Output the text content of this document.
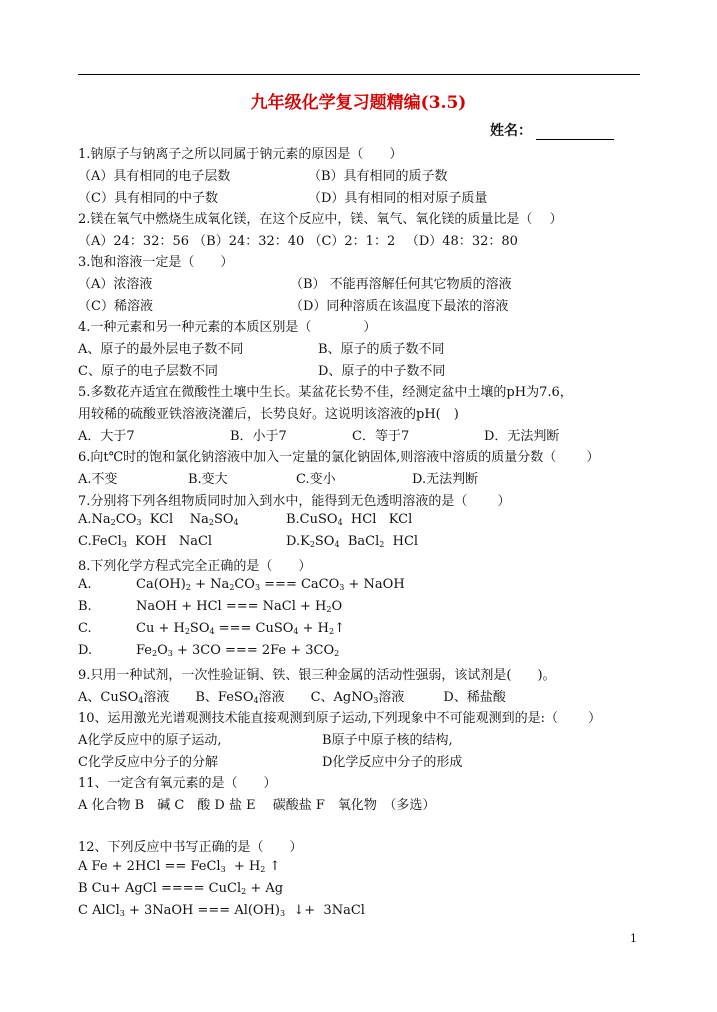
九年级化学复习题精编(3.5)
姓名：
1.钠原子与钠离子之所以同属于钠元素的原因是（　　）
（A）具有相同的电子层数	（B）具有相同的质子数
（C）具有相同的中子数	（D）具有相同的相对原子质量
2.镁在氧气中燃烧生成氧化镁，在这个反应中，镁、氧气、氧化镁的质量比是（　 ）
（A）24：32：56 （B）24：32：40 （C）2：1：2 　（D）48：32：80
3.饱和溶液一定是（　　）
（A）浓溶液	（B） 不能再溶解任何其它物质的溶液
（C）稀溶液	（D）同种溶质在该温度下最浓的溶液
4.一种元素和另一种元素的本质区别是（　　　　）
A、原子的最外层电子数不同	B、原子的质子数不同
C、原子的电子层数不同	D、原子的中子数不同
5.多数花卉适宜在微酸性土壤中生长。某盆花长势不佳，经测定盆中土壤的pH为7.6，
用较稀的硫酸亚铁溶液浇灌后，长势良好。这说明该溶液的pH(　)
A．大于7	B．小于7	C．等于7	D．无法判断
6.向t℃时的饱和氯化钠溶液中加入一定量的氯化钠固体,则溶液中溶质的质量分数（　　 ）
A.不变	B.变大	C.变小	D.无法判断
7.分别将下列各组物质同时加入到水中，能得到无色透明溶液的是（　　 ）
$A.Na_2CO_3$  KCl    $Na_2SO_4$	B.CuSO$_4$  HCl   KCl
C.FeCl$_3$  KOH   NaCl	$D.K_2SO_4$  BaCl$_2$  HCl
8.下列化学方程式完全正确的是（　　）
A.	$Ca(OH)_2 + Na_2CO_3$ === CaCO$_3$ + NaOH
B.	NaOH + HCl === NaCl + $H_2O$
C.	$Cu + H_2SO_4$ === CuSO$_4$ + $H_2↑$
D.	$Fe_2O_3 + 3CO$ === $2Fe + 3CO_2$
9.只用一种试剂，一次性验证铜、铁、银三种金属的活动性强弱，该试剂是(　　)。
A、CuSO$_4$溶液　　B、FeSO$_4$溶液　　C、AgNO$_3$溶液　　　D、稀盐酸
10、运用激光光谱观测技术能直接观测到原子运动,下列现象中不可能观测到的是:（　　 ）
A化学反应中的原子运动,	B原子中原子核的结构,
C化学反应中分子的分解	D化学反应中分子的形成
11、一定含有氧元素的是（　　）
A 化合物 B　碱 C　酸 D 盐 E　 碳酸盐 F　氧化物　（多选）
12、下列反应中书写正确的是（　　）
A Fe + 2HCl == FeCl$_3$  + $H_2$ ↑
B Cu+ AgCl ==== CuCl$_2$ + Ag
C AlCl$_3$ + 3NaOH === $Al(OH)_3$  ↓+  3NaCl
1
